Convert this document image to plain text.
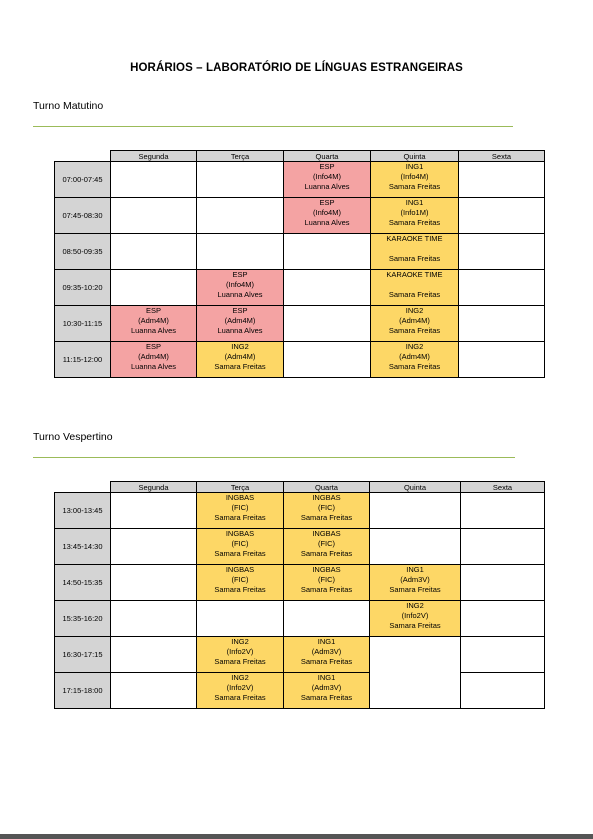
HORÁRIOS – LABORATÓRIO DE LÍNGUAS ESTRANGEIRAS
Turno Matutino
	Segunda	Terça	Quarta	Quinta	Sexta
07:00-07:45			ESP
(Info4M)
Luanna Alves	ING1
(Info4M)
Samara Freitas	

07:45-08:30			ESP
(Info4M)
Luanna Alves	ING1
(Info1M)
Samara Freitas	

08:50-09:35				KARAOKE TIME

Samara Freitas	

09:35-10:20		ESP
(Info4M)
Luanna Alves		KARAOKE TIME

Samara Freitas	

10:30-11:15	ESP
(Adm4M)
Luanna Alves	ESP
(Adm4M)
Luanna Alves		ING2
(Adm4M)
Samara Freitas	

11:15-12:00	ESP
(Adm4M)
Luanna Alves	ING2
(Adm4M)
Samara Freitas		ING2
(Adm4M)
Samara Freitas	

Turno Vespertino
	Segunda	Terça	Quarta	Quinta	Sexta
13:00-13:45		INGBAS
(FIC)
Samara Freitas	INGBAS
(FIC)
Samara Freitas		

13:45-14:30		INGBAS
(FIC)
Samara Freitas	INGBAS
(FIC)
Samara Freitas		

14:50-15:35		INGBAS
(FIC)
Samara Freitas	INGBAS
(FIC)
Samara Freitas	ING1
(Adm3V)
Samara Freitas	

15:35-16:20				ING2
(Info2V)
Samara Freitas	

16:30-17:15		ING2
(Info2V)
Samara Freitas	ING1
(Adm3V)
Samara Freitas		

17:15-18:00		ING2
(Info2V)
Samara Freitas	ING1
(Adm3V)
Samara Freitas		
